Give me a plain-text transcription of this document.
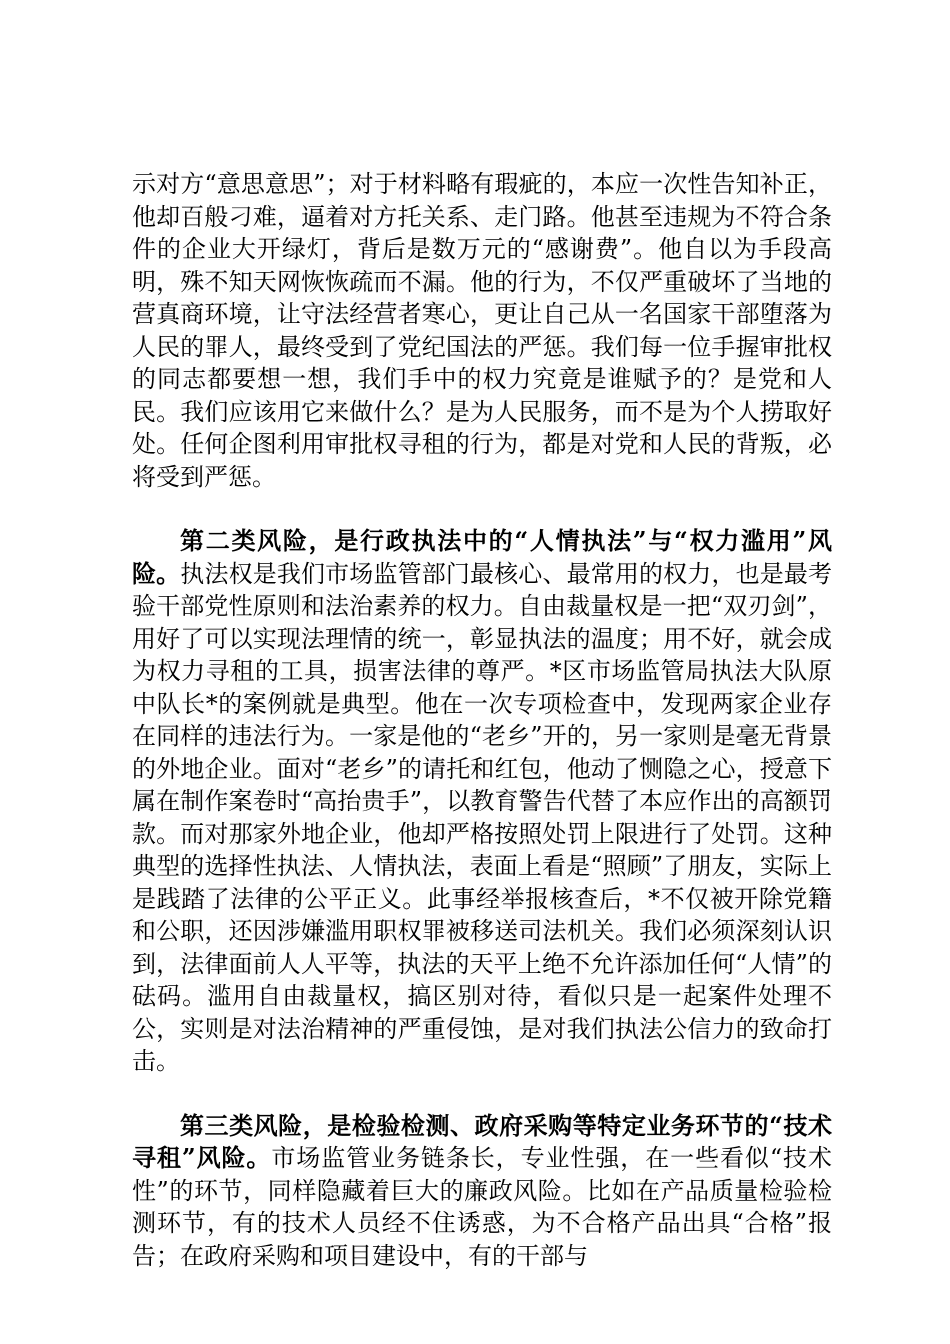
示对方“意思意思”；对于材料略有瑕疵的，本应一次性告知补正，他却百般刁难，逼着对方托关系、走门路。他甚至违规为不符合条件的企业大开绿灯，背后是数万元的“感谢费”。他自以为手段高明，殊不知天网恢恢疏而不漏。他的行为，不仅严重破坏了当地的营真商环境，让守法经营者寒心，更让自己从一名国家干部堕落为人民的罪人，最终受到了党纪国法的严惩。我们每一位手握审批权的同志都要想一想，我们手中的权力究竟是谁赋予的？是党和人民。我们应该用它来做什么？是为人民服务，而不是为个人捞取好处。任何企图利用审批权寻租的行为，都是对党和人民的背叛，必将受到严惩。

第二类风险，是行政执法中的“人情执法”与“权力滥用”风险。执法权是我们市场监管部门最核心、最常用的权力，也是最考验干部党性原则和法治素养的权力。自由裁量权是一把“双刃剑”，用好了可以实现法理情的统一，彰显执法的温度；用不好，就会成为权力寻租的工具，损害法律的尊严。*区市场监管局执法大队原中队长*的案例就是典型。他在一次专项检查中，发现两家企业存在同样的违法行为。一家是他的“老乡”开的，另一家则是毫无背景的外地企业。面对“老乡”的请托和红包，他动了恻隐之心，授意下属在制作案卷时“高抬贵手”，以教育警告代替了本应作出的高额罚款。而对那家外地企业，他却严格按照处罚上限进行了处罚。这种典型的选择性执法、人情执法，表面上看是“照顾”了朋友，实际上是践踏了法律的公平正义。此事经举报核查后，*不仅被开除党籍和公职，还因涉嫌滥用职权罪被移送司法机关。我们必须深刻认识到，法律面前人人平等，执法的天平上绝不允许添加任何“人情”的砝码。滥用自由裁量权，搞区别对待，看似只是一起案件处理不公，实则是对法治精神的严重侵蚀，是对我们执法公信力的致命打击。

第三类风险，是检验检测、政府采购等特定业务环节的“技术寻租”风险。市场监管业务链条长，专业性强，在一些看似“技术性”的环节，同样隐藏着巨大的廉政风险。比如在产品质量检验检测环节，有的技术人员经不住诱惑，为不合格产品出具“合格”报告；在政府采购和项目建设中，有的干部与
